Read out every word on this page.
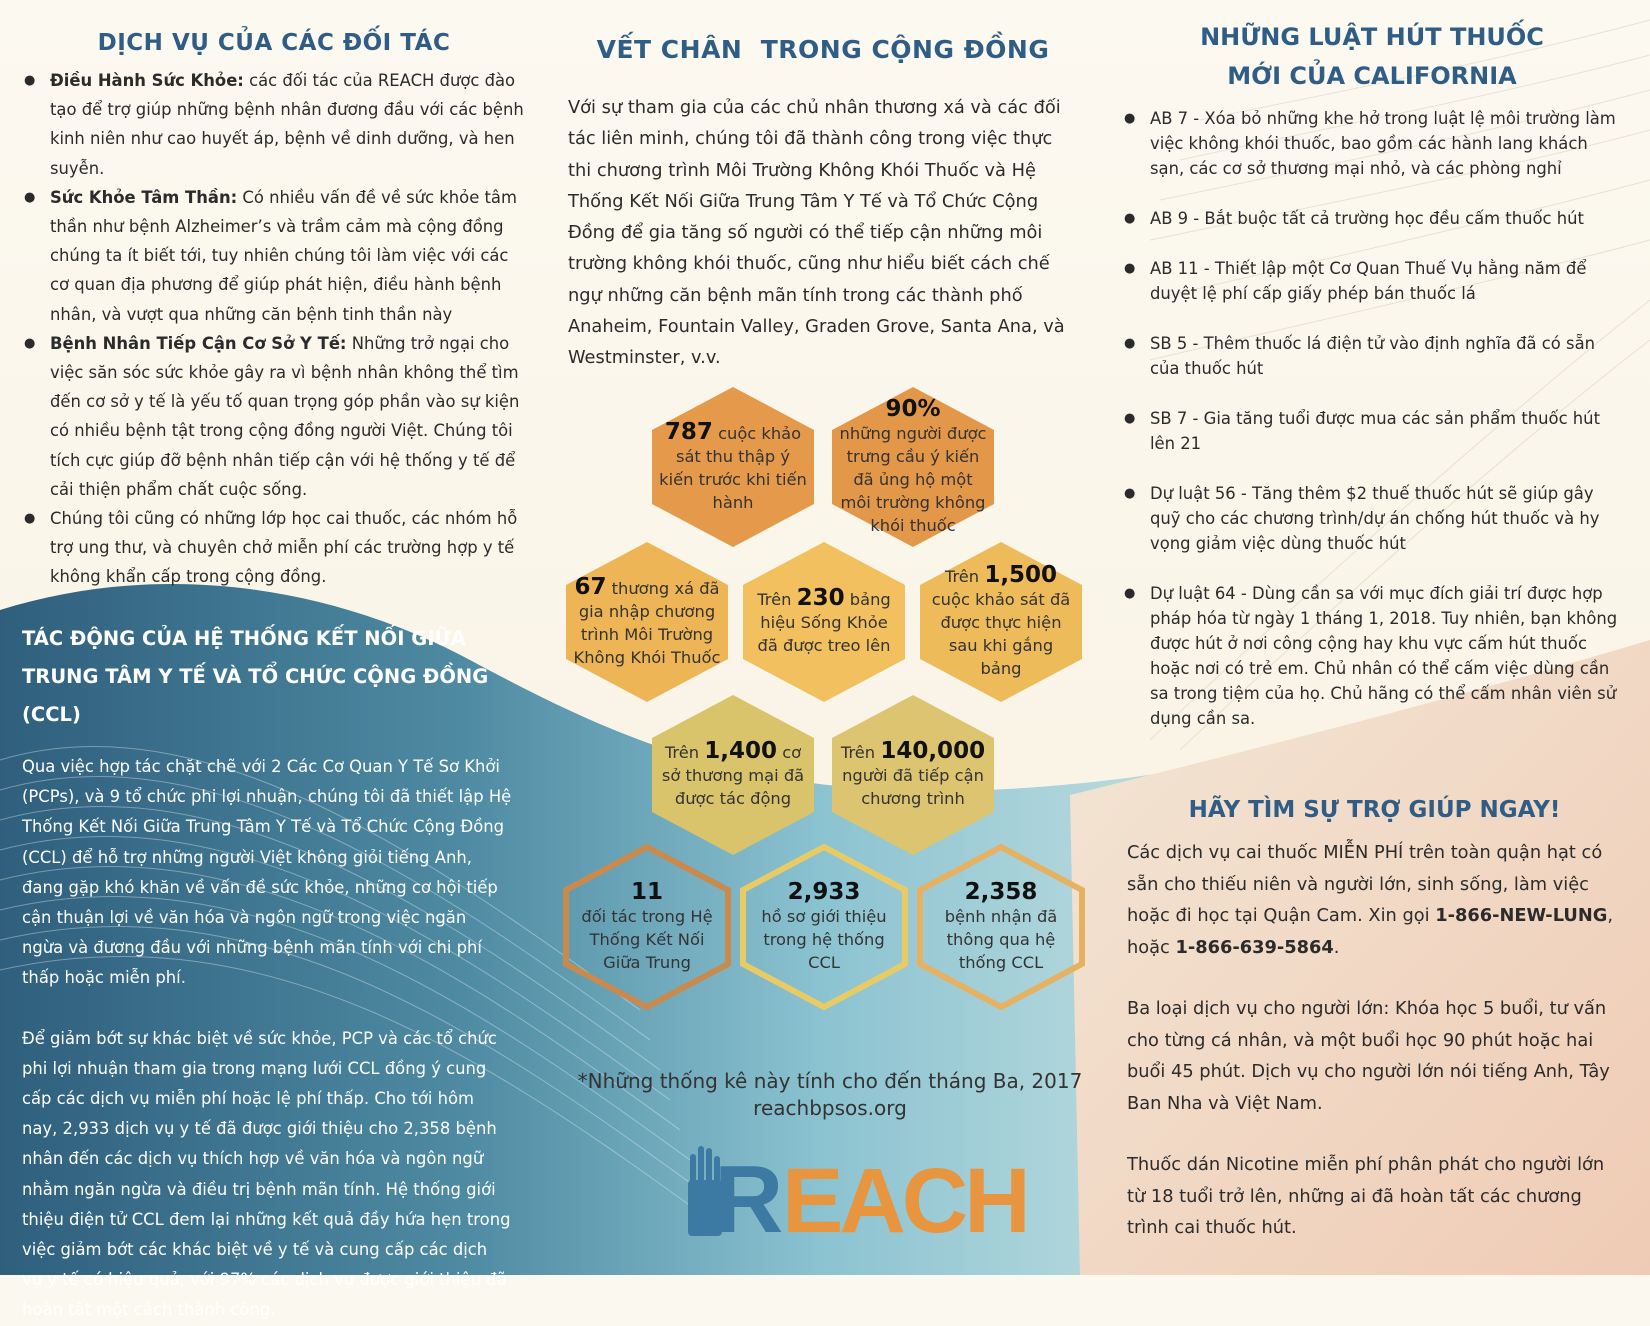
DỊCH VỤ CỦA CÁC ĐỐI TÁC
● Điều Hành Sức Khỏe: các đối tác của REACH được đào tạo để trợ giúp những bệnh nhân đương đầu với các bệnh kinh niên như cao huyết áp, bệnh về dinh dưỡng, và hen suyễn.
● Sức Khỏe Tâm Thần: Có nhiều vấn đề về sức khỏe tâm thần như bệnh Alzheimer’s và trầm cảm mà cộng đồng chúng ta ít biết tới, tuy nhiên chúng tôi làm việc với các cơ quan địa phương để giúp phát hiện, điều hành bệnh nhân, và vượt qua những căn bệnh tinh thần này
● Bệnh Nhân Tiếp Cận Cơ Sở Y Tế: Những trở ngại cho việc săn sóc sức khỏe gây ra vì bệnh nhân không thể tìm đến cơ sở y tế là yếu tố quan trọng góp phần vào sự kiện có nhiều bệnh tật trong cộng đồng người Việt. Chúng tôi tích cực giúp đỡ bệnh nhân tiếp cận với hệ thống y tế để cải thiện phẩm chất cuộc sống.
● Chúng tôi cũng có những lớp học cai thuốc, các nhóm hỗ trợ ung thư, và chuyên chở miễn phí các trường hợp y tế không khẩn cấp trong cộng đồng.
TÁC ĐỘNG CỦA HỆ THỐNG KẾT NỐI GIỮA
TRUNG TÂM Y TẾ VÀ TỔ CHỨC CỘNG ĐỒNG (CCL)

Qua việc hợp tác chặt chẽ với 2 Các Cơ Quan Y Tế Sơ Khởi (PCPs), và 9 tổ chức phi lợi nhuận, chúng tôi đã thiết lập Hệ Thống Kết Nối Giữa Trung Tâm Y Tế và Tổ Chức Cộng Đồng (CCL) để hỗ trợ những người Việt không giỏi tiếng Anh, đang gặp khó khăn về vấn đề sức khỏe, những cơ hội tiếp cận thuận lợi về văn hóa và ngôn ngữ trong việc ngăn ngừa và đương đầu với những bệnh mãn tính với chi phí thấp hoặc miễn phí.

Để giảm bớt sự khác biệt về sức khỏe, PCP và các tổ chức phi lợi nhuận tham gia trong mạng lưới CCL đồng ý cung cấp các dịch vụ miễn phí hoặc lệ phí thấp. Cho tới hôm nay, 2,933 dịch vụ y tế đã được giới thiệu cho 2,358 bệnh nhân đến các dịch vụ thích hợp về văn hóa và ngôn ngữ nhằm ngăn ngừa và điều trị bệnh mãn tính. Hệ thống giới thiệu điện tử CCL đem lại những kết quả đầy hứa hẹn trong việc giảm bớt các khác biệt về y tế và cung cấp các dịch vụ y tế có hiệu quả, với 97% các dịch vụ được giới thiệu đã hoàn tất một cách thành công.

VẾT CHÂN  TRONG CỘNG ĐỒNG

Với sự tham gia của các chủ nhân thương xá và các đối tác liên minh, chúng tôi đã thành công trong việc thực thi chương trình Môi Trường Không Khói Thuốc và Hệ Thống Kết Nối Giữa Trung Tâm Y Tế và Tổ Chức Cộng Đồng để gia tăng số người có thể tiếp cận những môi trường không khói thuốc, cũng như hiểu biết cách chế ngự những căn bệnh mãn tính trong các thành phố Anaheim, Fountain Valley, Graden Grove, Santa Ana, và Westminster, v.v.

787 cuộc khảo sát thu thập ý kiến trước khi tiến hành
90%
những người được trưng cầu ý kiến đã ủng hộ một môi trường không khói thuốc
67 thương xá đã gia nhập chương trình Môi Trường Không Khói Thuốc
Trên 230 bảng hiệu Sống Khỏe đã được treo lên
Trên 1,500 cuộc khảo sát đã được thực hiện sau khi gắng bảng
Trên 1,400 cơ sở thương mại đã được tác động
Trên 140,000 người đã tiếp cận chương trình
11
đối tác trong Hệ Thống Kết Nối Giữa Trung
2,933
hồ sơ giới thiệu trong hệ thống CCL
2,358
bệnh nhận đã thông qua hệ thống CCL
*Những thống kê này tính cho đến tháng Ba, 2017
reachbpsos.org
R EACH
NHỮNG LUẬT HÚT THUỐC
MỚI CỦA CALIFORNIA
● AB 7 - Xóa bỏ những khe hở trong luật lệ môi trường làm việc không khói thuốc, bao gồm các hành lang khách sạn, các cơ sở thương mại nhỏ, và các phòng nghỉ
● AB 9 - Bắt buộc tất cả trường học đều cấm thuốc hút
● AB 11 - Thiết lập một Cơ Quan Thuế Vụ hằng năm để duyệt lệ phí cấp giấy phép bán thuốc lá
● SB 5 - Thêm thuốc lá điện tử vào định nghĩa đã có sẵn của thuốc hút
● SB 7 - Gia tăng tuổi được mua các sản phẩm thuốc hút lên 21
● Dự luật 56 - Tăng thêm $2 thuế thuốc hút sẽ giúp gây quỹ cho các chương trình/dự án chống hút thuốc và hy vọng giảm việc dùng thuốc hút
● Dự luật 64 - Dùng cần sa với mục đích giải trí được hợp pháp hóa từ ngày 1 tháng 1, 2018. Tuy nhiên, bạn không được hút ở nơi công cộng hay khu vực cấm hút thuốc hoặc nơi có trẻ em. Chủ nhân có thể cấm việc dùng cần sa trong tiệm của họ. Chủ hãng có thể cấm nhân viên sử dụng cần sa.
HÃY TÌM SỰ TRỢ GIÚP NGAY!

Các dịch vụ cai thuốc MIỄN PHÍ trên toàn quận hạt có sẵn cho thiếu niên và người lớn, sinh sống, làm việc hoặc đi học tại Quận Cam. Xin gọi 1-866-NEW-LUNG, hoặc 1-866-639-5864.

Ba loại dịch vụ cho người lớn: Khóa học 5 buổi, tư vấn cho từng cá nhân, và một buổi học 90 phút hoặc hai buổi 45 phút. Dịch vụ cho người lớn nói tiếng Anh, Tây Ban Nha và Việt Nam.

Thuốc dán Nicotine miễn phí phân phát cho người lớn từ 18 tuổi trở lên, những ai đã hoàn tất các chương trình cai thuốc hút.
